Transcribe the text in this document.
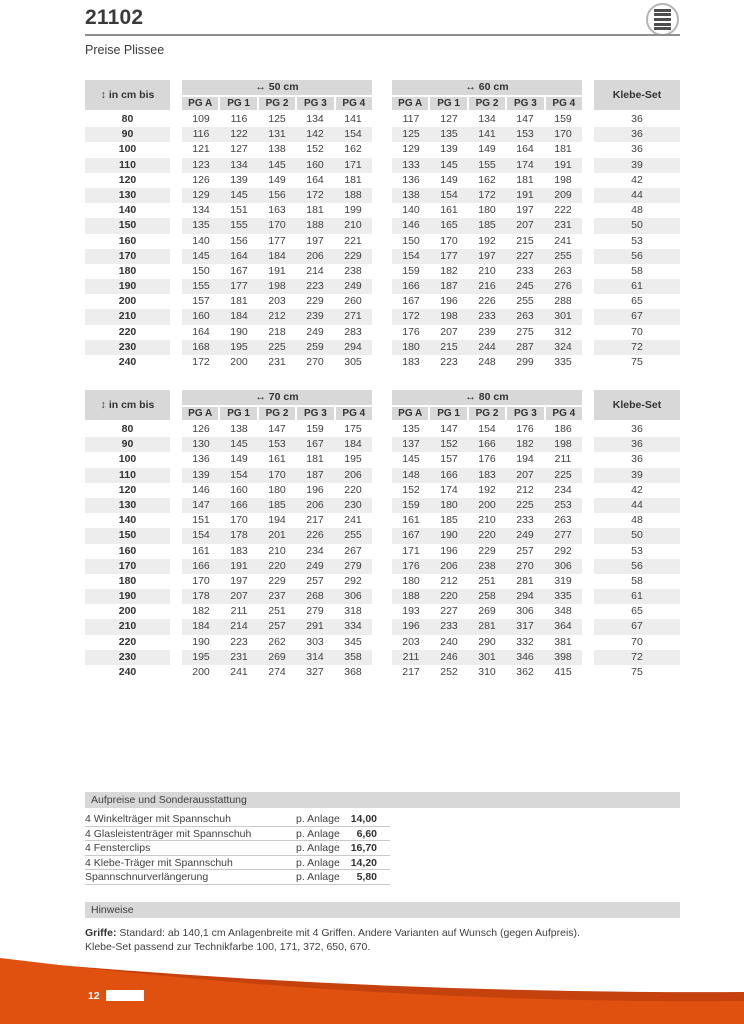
21102
Preise Plissee
↕ in cm bis
↔ 50 cm
PG A	PG 1	PG 2	PG 3	PG 4
↔ 60 cm
PG A	PG 1	PG 2	PG 3	PG 4
Klebe-Set
80	109	116	125	134	141	117	127	134	147	159	36
90	116	122	131	142	154	125	135	141	153	170	36
100	121	127	138	152	162	129	139	149	164	181	36
110	123	134	145	160	171	133	145	155	174	191	39
120	126	139	149	164	181	136	149	162	181	198	42
130	129	145	156	172	188	138	154	172	191	209	44
140	134	151	163	181	199	140	161	180	197	222	48
150	135	155	170	188	210	146	165	185	207	231	50
160	140	156	177	197	221	150	170	192	215	241	53
170	145	164	184	206	229	154	177	197	227	255	56
180	150	167	191	214	238	159	182	210	233	263	58
190	155	177	198	223	249	166	187	216	245	276	61
200	157	181	203	229	260	167	196	226	255	288	65
210	160	184	212	239	271	172	198	233	263	301	67
220	164	190	218	249	283	176	207	239	275	312	70
230	168	195	225	259	294	180	215	244	287	324	72
240	172	200	231	270	305	183	223	248	299	335	75
↕ in cm bis
↔ 70 cm
PG A	PG 1	PG 2	PG 3	PG 4
↔ 80 cm
PG A	PG 1	PG 2	PG 3	PG 4
Klebe-Set
80	126	138	147	159	175	135	147	154	176	186	36
90	130	145	153	167	184	137	152	166	182	198	36
100	136	149	161	181	195	145	157	176	194	211	36
110	139	154	170	187	206	148	166	183	207	225	39
120	146	160	180	196	220	152	174	192	212	234	42
130	147	166	185	206	230	159	180	200	225	253	44
140	151	170	194	217	241	161	185	210	233	263	48
150	154	178	201	226	255	167	190	220	249	277	50
160	161	183	210	234	267	171	196	229	257	292	53
170	166	191	220	249	279	176	206	238	270	306	56
180	170	197	229	257	292	180	212	251	281	319	58
190	178	207	237	268	306	188	220	258	294	335	61
200	182	211	251	279	318	193	227	269	306	348	65
210	184	214	257	291	334	196	233	281	317	364	67
220	190	223	262	303	345	203	240	290	332	381	70
230	195	231	269	314	358	211	246	301	346	398	72
240	200	241	274	327	368	217	252	310	362	415	75
Aufpreise und Sonderausstattung
4 Winkelträger mit Spannschuh	p. Anlage	14,00
4 Glasleistenträger mit Spannschuh	p. Anlage	6,60
4 Fensterclips	p. Anlage	16,70
4 Klebe-Träger mit Spannschuh	p. Anlage	14,20
Spannschnurverlängerung	p. Anlage	5,80
Hinweise
Griffe: Standard: ab 140,1 cm Anlagenbreite mit 4 Griffen. Andere Varianten auf Wunsch (gegen Aufpreis).
Klebe-Set passend zur Technikfarbe 100, 171, 372, 650, 670.
12
